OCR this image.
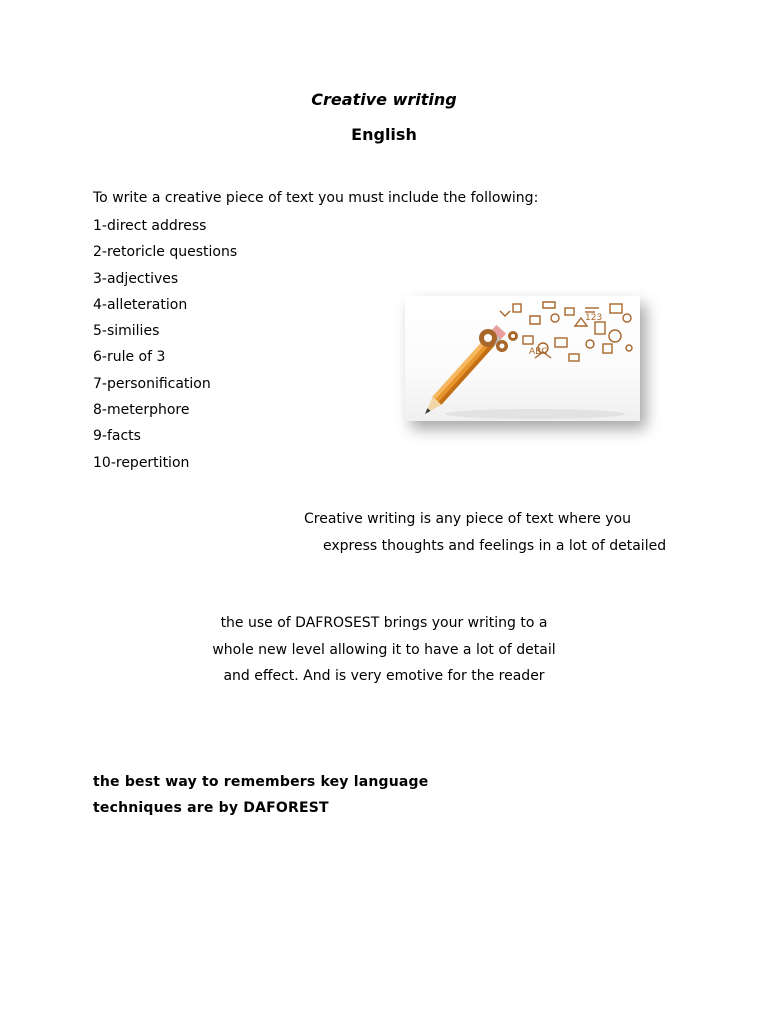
Creative writing
English
To write a creative piece of text you must include the following:
1-direct address
2-retoricle questions
3-adjectives
4-alleteration
5-similies
6-rule of 3
7-personification
8-meterphore
9-facts
10-repertition
ABC
123
Creative writing is any piece of text where you
express thoughts and feelings in a lot of detailed
the use of DAFROSEST brings your writing to a
whole new level allowing it to have a lot of detail
and effect. And is very emotive for the reader
the best way to remembers key language
techniques are by DAFOREST
